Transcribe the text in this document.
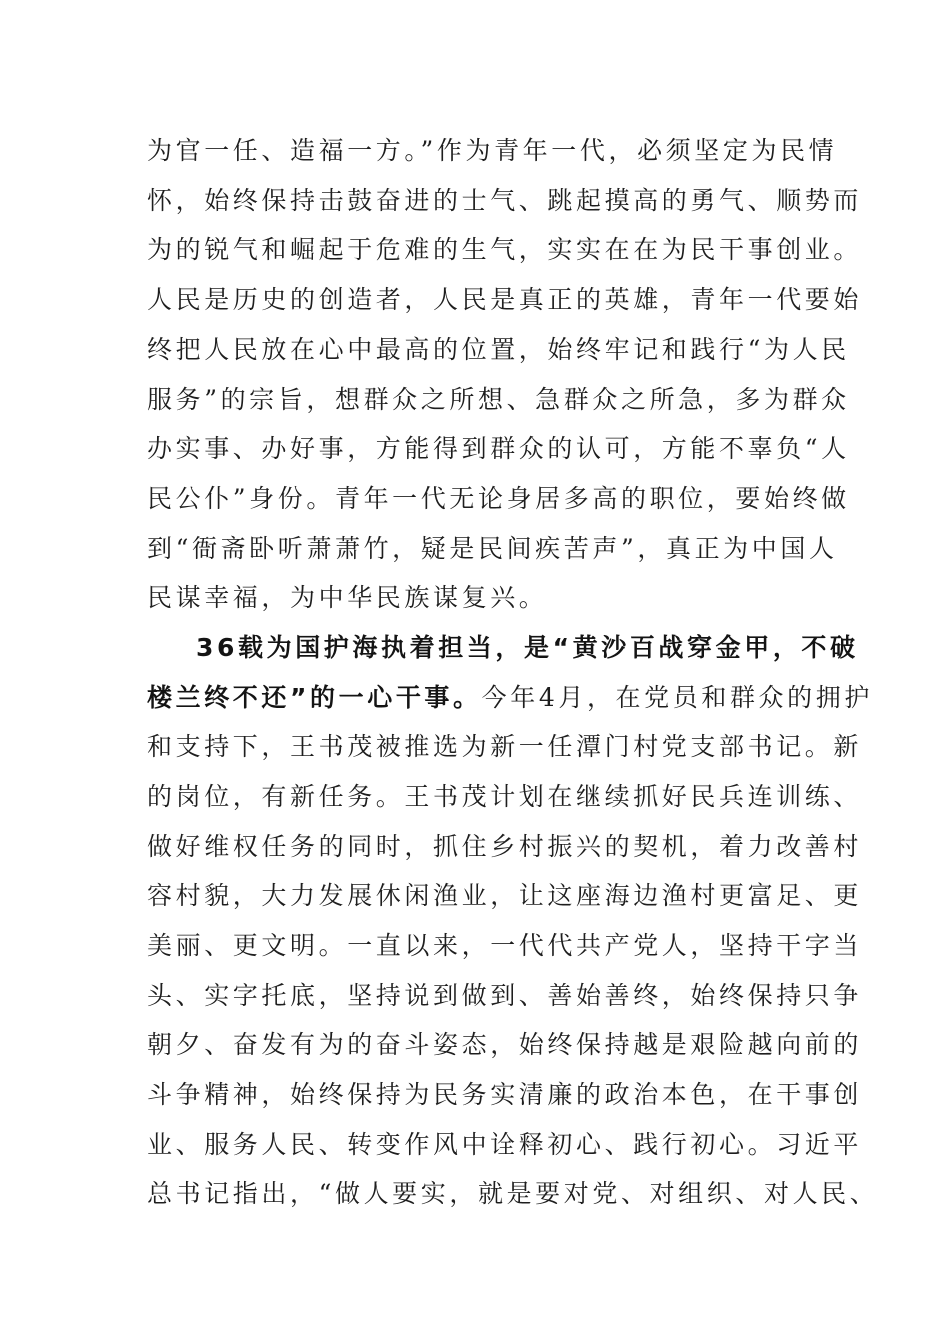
为官一任、造福一方。”作为青年一代，必须坚定为民情
怀，始终保持击鼓奋进的士气、跳起摸高的勇气、顺势而
为的锐气和崛起于危难的生气，实实在在为民干事创业。
人民是历史的创造者，人民是真正的英雄，青年一代要始
终把人民放在心中最高的位置，始终牢记和践行“为人民
服务”的宗旨，想群众之所想、急群众之所急，多为群众
办实事、办好事，方能得到群众的认可，方能不辜负“人
民公仆”身份。青年一代无论身居多高的职位，要始终做
到“衙斋卧听萧萧竹，疑是民间疾苦声”，真正为中国人
民谋幸福，为中华民族谋复兴。
36载为国护海执着担当，是“黄沙百战穿金甲，不破
楼兰终不还”的一心干事。今年4月，在党员和群众的拥护
和支持下，王书茂被推选为新一任潭门村党支部书记。新
的岗位，有新任务。王书茂计划在继续抓好民兵连训练、
做好维权任务的同时，抓住乡村振兴的契机，着力改善村
容村貌，大力发展休闲渔业，让这座海边渔村更富足、更
美丽、更文明。一直以来，一代代共产党人，坚持干字当
头、实字托底，坚持说到做到、善始善终，始终保持只争
朝夕、奋发有为的奋斗姿态，始终保持越是艰险越向前的
斗争精神，始终保持为民务实清廉的政治本色，在干事创
业、服务人民、转变作风中诠释初心、践行初心。习近平
总书记指出，“做人要实，就是要对党、对组织、对人民、
